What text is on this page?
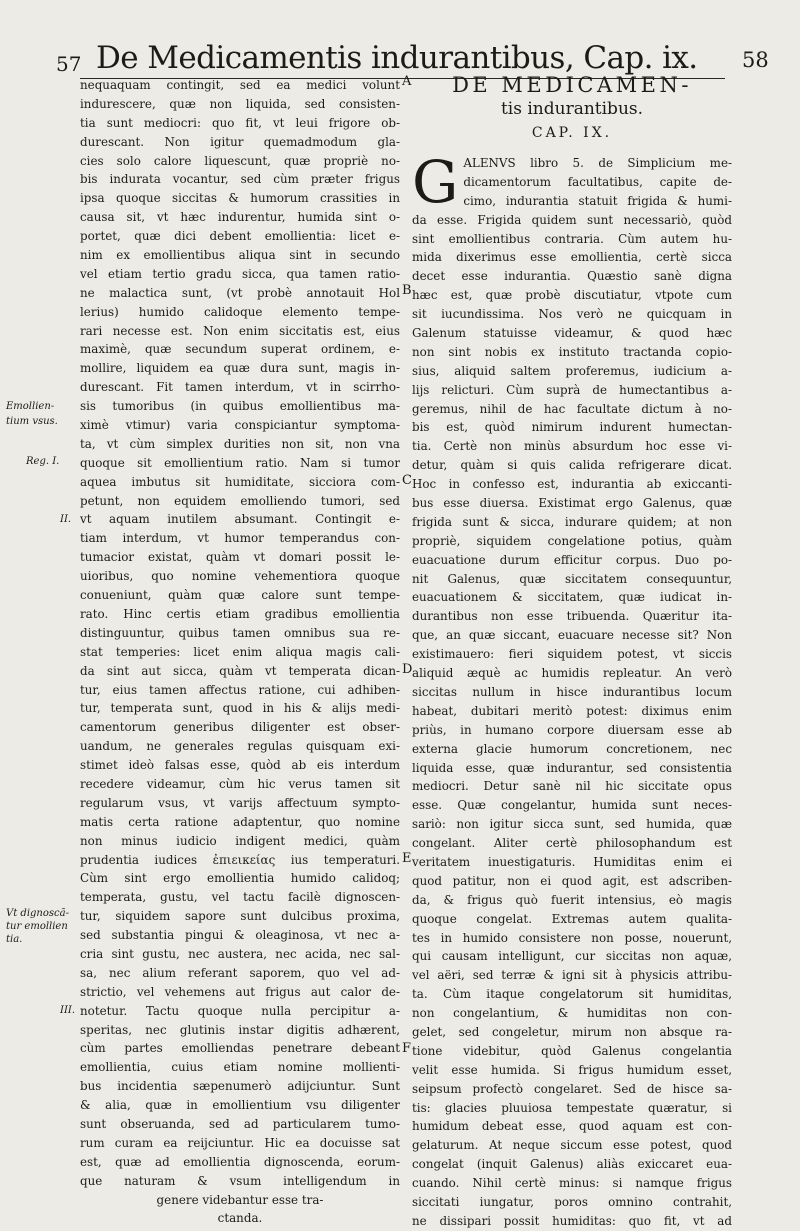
57 De Medicamentis indurantibus, Cap. ix. 58
Emollien-
tium vsus.
Reg. I.
II.
Vt dignoscã-
tur emollien
tia.
III.
A
B
C
D
E
F
nequaquam contingit, sed ea medici volunt
indurescere, quæ non liquida, sed consisten-
tia sunt mediocri: quo fit, vt leui frigore ob-
durescant. Non igitur quemadmodum gla-
cies solo calore liquescunt, quæ propriè no-
bis indurata vocantur, sed cùm præter frigus
ipsa quoque siccitas & humorum crassities in
causa sit, vt hæc indurentur, humida sint o-
portet, quæ dici debent emollientia: licet e-
nim ex emollientibus aliqua sint in secundo
vel etiam tertio gradu sicca, qua tamen ratio-
ne malactica sunt, (vt probè annotauit Hol
lerius) humido calidoque elemento tempe-
rari necesse est. Non enim siccitatis est, eius
maximè, quæ secundum superat ordinem, e-
mollire, liquidem ea quæ dura sunt, magis in-
durescant. Fit tamen interdum, vt in scirrho-
sis tumoribus (in quibus emollientibus ma-
ximè vtimur) varia conspiciantur symptoma-
ta, vt cùm simplex durities non sit, non vna
quoque sit emollientium ratio. Nam si tumor
aquea imbutus sit humiditate, sicciora com-
petunt, non equidem emolliendo tumori, sed
vt aquam inutilem absumant. Contingit e-
tiam interdum, vt humor temperandus con-
tumacior existat, quàm vt domari possit le-
uioribus, quo nomine vehementiora quoque
conueniunt, quàm quæ calore sunt tempe-
rato. Hinc certis etiam gradibus emollientia
distinguuntur, quibus tamen omnibus sua re-
stat temperies: licet enim aliqua magis cali-
da sint aut sicca, quàm vt temperata dican-
tur, eius tamen affectus ratione, cui adhiben-
tur, temperata sunt, quod in his & alijs medi-
camentorum generibus diligenter est obser-
uandum, ne generales regulas quisquam exi-
stimet ideò falsas esse, quòd ab eis interdum
recedere videamur, cùm hic verus tamen sit
regularum vsus, vt varijs affectuum sympto-
matis certa ratione adaptentur, quo nomine
non minus iudicio indigent medici, quàm
prudentia iudices ἐπιεικείας ius temperaturi.
Cùm sint ergo emollientia humido calidoq;
temperata, gustu, vel tactu facilè dignoscen-
tur, siquidem sapore sunt dulcibus proxima,
sed substantia pingui & oleaginosa, vt nec a-
cria sint gustu, nec austera, nec acida, nec sal-
sa, nec alium referant saporem, quo vel ad-
strictio, vel vehemens aut frigus aut calor de-
notetur. Tactu quoque nulla percipitur a-
speritas, nec glutinis instar digitis adhærent,
cùm partes emolliendas penetrare debeant
emollientia, cuius etiam nomine mollienti-
bus incidentia sæpenumerò adijciuntur. Sunt
& alia, quæ in emollientium vsu diligenter
sunt obseruanda, sed ad particularem tumo-
rum curam ea reijciuntur. Hic ea docuisse sat
est, quæ ad emollientia dignoscenda, eorum-
que naturam & vsum intelligendum in
genere videbantur esse tra-
ctanda.
DE MEDICAMEN-
tis indurantibus.
CAP. IX.
G ALENVS libro 5. de Simplicium me-
dicamentorum facultatibus, capite de-
cimo, indurantia statuit frigida & humi-
da esse. Frigida quidem sunt necessariò, quòd
sint emollientibus contraria. Cùm autem hu-
mida dixerimus esse emollientia, certè sicca
decet esse indurantia. Quæstio sanè digna
hæc est, quæ probè discutiatur, vtpote cum
sit iucundissima. Nos verò ne quicquam in
Galenum statuisse videamur, & quod hæc
non sint nobis ex instituto tractanda copio-
sius, aliquid saltem proferemus, iudicium a-
lijs relicturi. Cùm suprà de humectantibus a-
geremus, nihil de hac facultate dictum à no-
bis est, quòd nimirum indurent humectan-
tia. Certè non minùs absurdum hoc esse vi-
detur, quàm si quis calida refrigerare dicat.
Hoc in confesso est, indurantia ab exiccanti-
bus esse diuersa. Existimat ergo Galenus, quæ
frigida sunt & sicca, indurare quidem; at non
propriè, siquidem congelatione potius, quàm
euacuatione durum efficitur corpus. Duo po-
nit Galenus, quæ siccitatem consequuntur,
euacuationem & siccitatem, quæ iudicat in-
durantibus non esse tribuenda. Quæritur ita-
que, an quæ siccant, euacuare necesse sit? Non
existimauero: fieri siquidem potest, vt siccis
aliquid æquè ac humidis repleatur. An verò
siccitas nullum in hisce indurantibus locum
habeat, dubitari meritò potest: diximus enim
priùs, in humano corpore diuersam esse ab
externa glacie humorum concretionem, nec
liquida esse, quæ indurantur, sed consistentia
mediocri. Detur sanè nil hic siccitate opus
esse. Quæ congelantur, humida sunt neces-
sariò: non igitur sicca sunt, sed humida, quæ
congelant. Aliter certè philosophandum est
veritatem inuestigaturis. Humiditas enim ei
quod patitur, non ei quod agit, est adscriben-
da, & frigus quò fuerit intensius, eò magis
quoque congelat. Extremas autem qualita-
tes in humido consistere non posse, nouerunt,
qui causam intelligunt, cur siccitas non aquæ,
vel aëri, sed terræ & igni sit à physicis attribu-
ta. Cùm itaque congelatorum sit humiditas,
non congelantium, & humiditas non con-
gelet, sed congeletur, mirum non absque ra-
tione videbitur, quòd Galenus congelantia
velit esse humida. Si frigus humidum esset,
seipsum profectò congelaret. Sed de hisce sa-
tis: glacies pluuiosa tempestate quæratur, si
humidum debeat esse, quod aquam est con-
gelaturum. At neque siccum esse potest, quod
congelat (inquit Galenus) aliàs exiccaret eua-
cuando. Nihil certè minus: si namque frigus
siccitati iungatur, poros omnino contrahit,
ne dissipari possit humiditas: quo fit, vt ad
